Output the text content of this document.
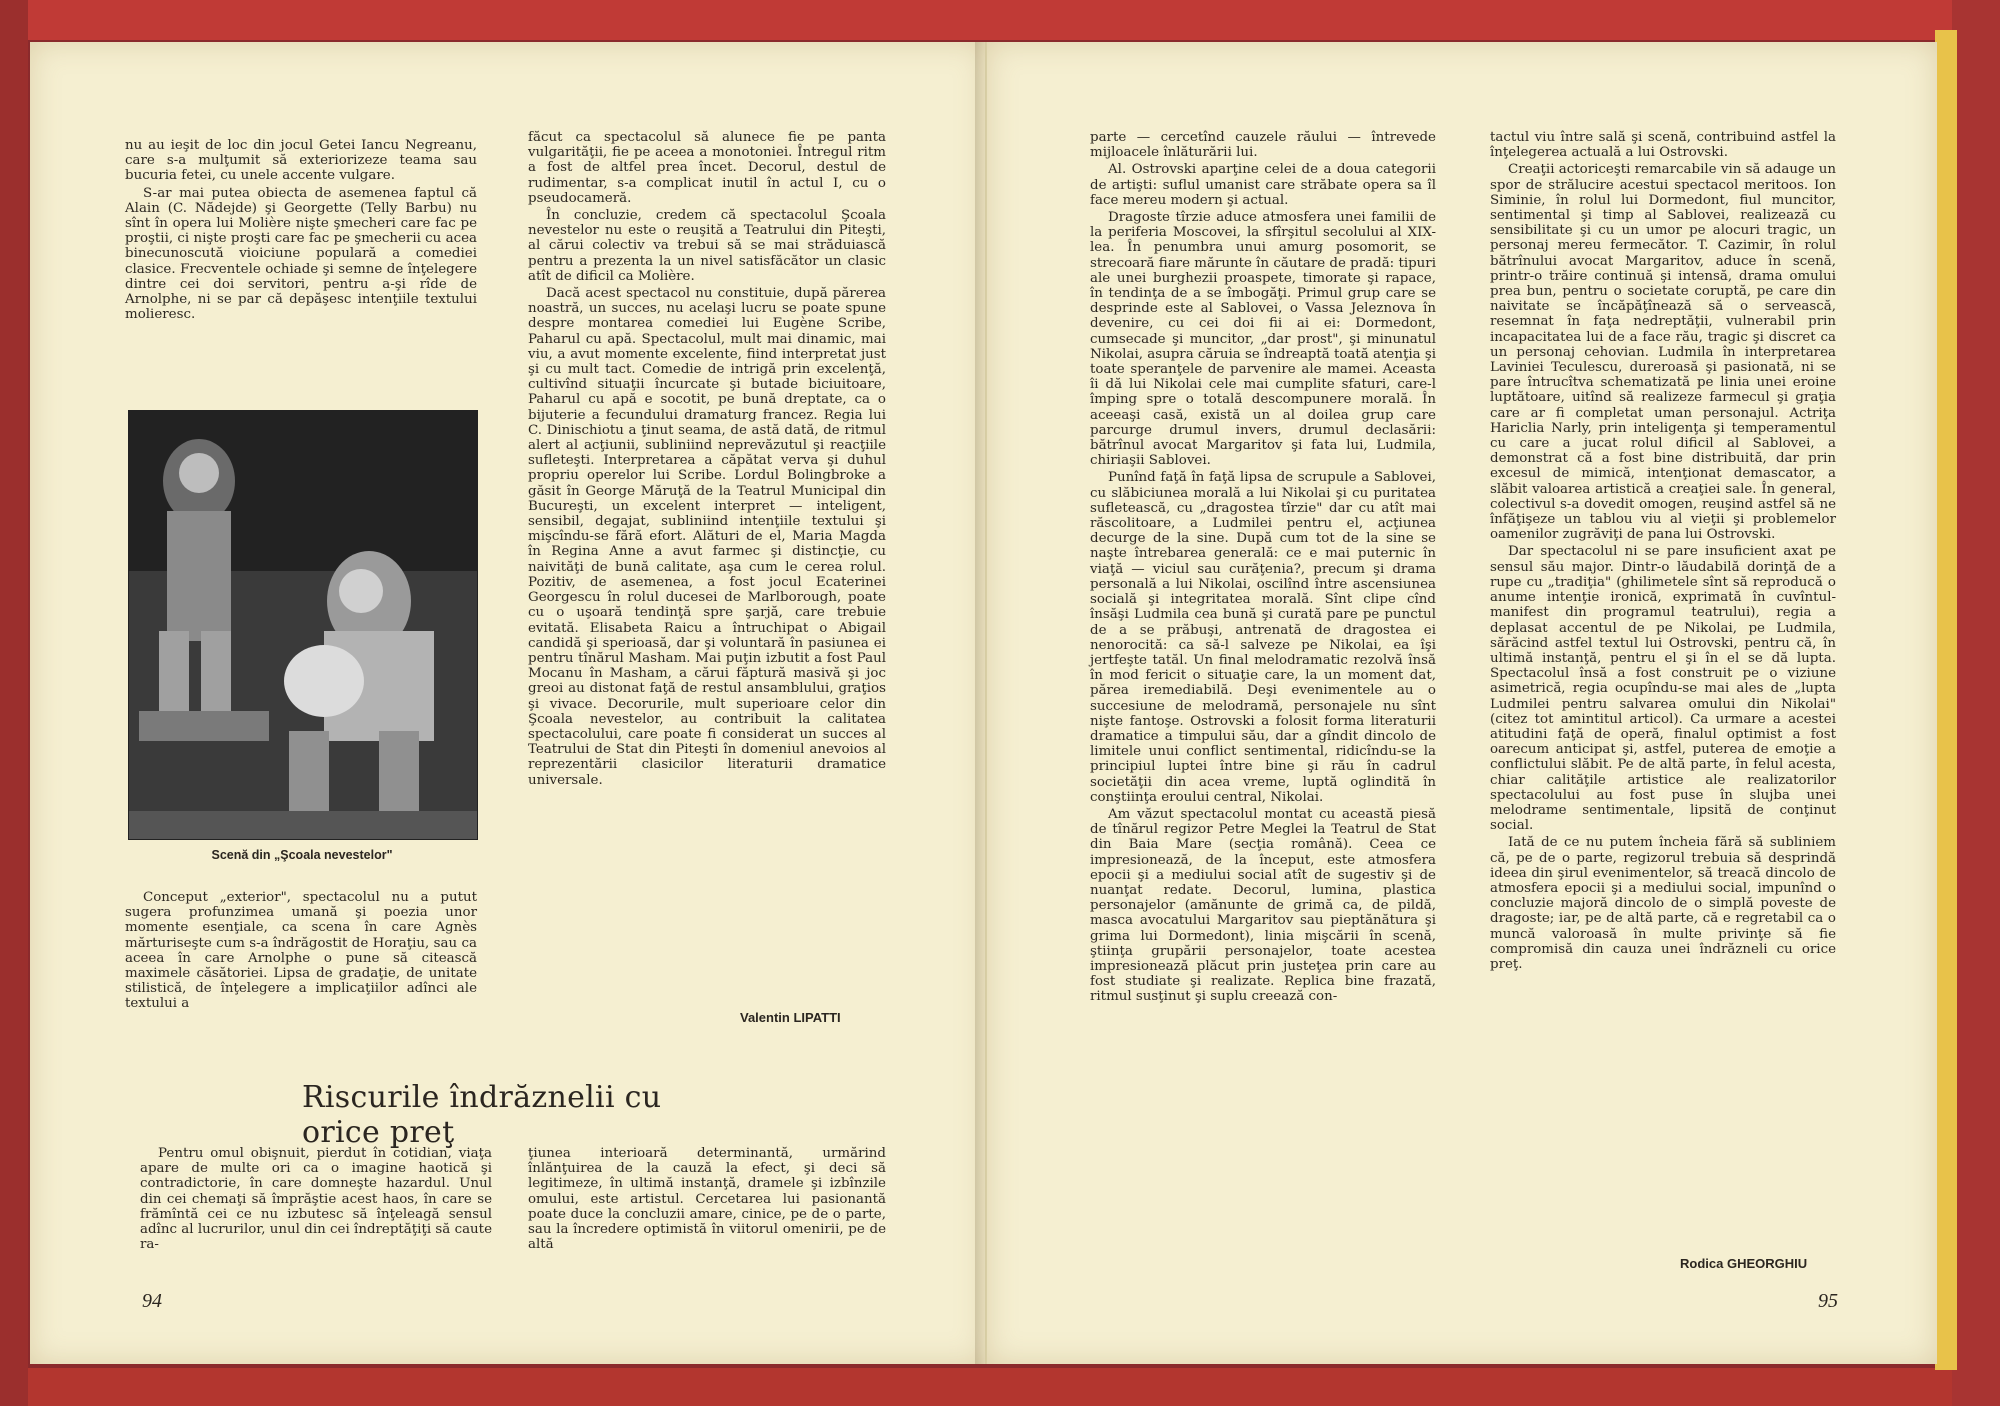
nu au ieşit de loc din jocul Getei Iancu Negreanu, care s-a mulţumit să exteriorizeze teama sau bucuria fetei, cu unele accente vulgare.

S-ar mai putea obiecta de asemenea faptul că Alain (C. Nădejde) şi Georgette (Telly Barbu) nu sînt în opera lui Molière nişte şmecheri care fac pe proştii, ci nişte proşti care fac pe şmecherii cu acea binecunoscută vioiciune populară a comediei clasice. Frecventele ochiade şi semne de înţelegere dintre cei doi servitori, pentru a-şi rîde de Arnolphe, ni se par că depăşesc intenţiile textului molieresc.

Scenă din „Şcoala nevestelor"

Conceput „exterior", spectacolul nu a putut sugera profunzimea umană şi poezia unor momente esenţiale, ca scena în care Agnès mărturiseşte cum s-a îndrăgostit de Horaţiu, sau ca aceea în care Arnolphe o pune să citească maximele căsătoriei. Lipsa de gradaţie, de unitate stilistică, de înţelegere a implicaţiilor adînci ale textului a

făcut ca spectacolul să alunece fie pe panta vulgarităţii, fie pe aceea a monotoniei. Întregul ritm a fost de altfel prea încet. Decorul, destul de rudimentar, s-a complicat inutil în actul I, cu o pseudocameră.

În concluzie, credem că spectacolul Şcoala nevestelor nu este o reuşită a Teatrului din Piteşti, al cărui colectiv va trebui să se mai străduiască pentru a prezenta la un nivel satisfăcător un clasic atît de dificil ca Molière.

Dacă acest spectacol nu constituie, după părerea noastră, un succes, nu acelaşi lucru se poate spune despre montarea comediei lui Eugène Scribe, Paharul cu apă. Spectacolul, mult mai dinamic, mai viu, a avut momente excelente, fiind interpretat just şi cu mult tact. Comedie de intrigă prin excelenţă, cultivînd situaţii încurcate şi butade biciuitoare, Paharul cu apă e socotit, pe bună dreptate, ca o bijuterie a fecundului dramaturg francez. Regia lui C. Dinischiotu a ţinut seama, de astă dată, de ritmul alert al acţiunii, subliniind neprevăzutul şi reacţiile sufleteşti. Interpretarea a căpătat verva şi duhul propriu operelor lui Scribe. Lordul Bolingbroke a găsit în George Măruţă de la Teatrul Municipal din Bucureşti, un excelent interpret — inteligent, sensibil, degajat, subliniind intenţiile textului şi mişcîndu-se fără efort. Alături de el, Maria Magda în Regina Anne a avut farmec şi distincţie, cu naivităţi de bună calitate, aşa cum le cerea rolul. Pozitiv, de asemenea, a fost jocul Ecaterinei Georgescu în rolul ducesei de Marlborough, poate cu o uşoară tendinţă spre şarjă, care trebuie evitată. Elisabeta Raicu a întruchipat o Abigail candidă şi sperioasă, dar şi voluntară în pasiunea ei pentru tînărul Masham. Mai puţin izbutit a fost Paul Mocanu în Masham, a cărui făptură masivă şi joc greoi au distonat faţă de restul ansamblului, graţios şi vivace. Decorurile, mult superioare celor din Şcoala nevestelor, au contribuit la calitatea spectacolului, care poate fi considerat un succes al Teatrului de Stat din Piteşti în domeniul anevoios al reprezentării clasicilor literaturii dramatice universale.

Valentin LIPATTI
Riscurile îndrăznelii cu orice preţ

Pentru omul obişnuit, pierdut în cotidian, viaţa apare de multe ori ca o imagine haotică şi contradictorie, în care domneşte hazardul. Unul din cei chemaţi să împrăştie acest haos, în care se frămîntă cei ce nu izbutesc să înţeleagă sensul adînc al lucrurilor, unul din cei îndreptăţiţi să caute ra-

ţiunea interioară determinantă, urmărind înlănţuirea de la cauză la efect, şi deci să legitimeze, în ultimă instanţă, dramele şi izbînzile omului, este artistul. Cercetarea lui pasionantă poate duce la concluzii amare, cinice, pe de o parte, sau la încredere optimistă în viitorul omenirii, pe de altă

94

parte — cercetînd cauzele răului — întrevede mijloacele înlăturării lui.

Al. Ostrovski aparţine celei de a doua categorii de artişti: suflul umanist care străbate opera sa îl face mereu modern şi actual.

Dragoste tîrzie aduce atmosfera unei familii de la periferia Moscovei, la sfîrşitul secolului al XIX-lea. În penumbra unui amurg posomorit, se strecoară fiare mărunte în căutare de pradă: tipuri ale unei burghezii proaspete, timorate şi rapace, în tendinţa de a se îmbogăţi. Primul grup care se desprinde este al Sablovei, o Vassa Jeleznova în devenire, cu cei doi fii ai ei: Dormedont, cumsecade şi muncitor, „dar prost", şi minunatul Nikolai, asupra căruia se îndreaptă toată atenţia şi toate speranţele de parvenire ale mamei. Aceasta îi dă lui Nikolai cele mai cumplite sfaturi, care-l împing spre o totală descompunere morală. În aceeaşi casă, există un al doilea grup care parcurge drumul invers, drumul declasării: bătrînul avocat Margaritov şi fata lui, Ludmila, chiriaşii Sablovei.

Punînd faţă în faţă lipsa de scrupule a Sablovei, cu slăbiciunea morală a lui Nikolai şi cu puritatea sufletească, cu „dragostea tîrzie" dar cu atît mai răscolitoare, a Ludmilei pentru el, acţiunea decurge de la sine. După cum tot de la sine se naşte întrebarea generală: ce e mai puternic în viaţă — viciul sau curăţenia?, precum şi drama personală a lui Nikolai, oscilînd între ascensiunea socială şi integritatea morală. Sînt clipe cînd însăşi Ludmila cea bună şi curată pare pe punctul de a se prăbuşi, antrenată de dragostea ei nenorocită: ca să-l salveze pe Nikolai, ea îşi jertfeşte tatăl. Un final melodramatic rezolvă însă în mod fericit o situaţie care, la un moment dat, părea iremediabilă. Deşi evenimentele au o succesiune de melodramă, personajele nu sînt nişte fantoşe. Ostrovski a folosit forma literaturii dramatice a timpului său, dar a gîndit dincolo de limitele unui conflict sentimental, ridicîndu-se la principiul luptei între bine şi rău în cadrul societăţii din acea vreme, luptă oglindită în conştiinţa eroului central, Nikolai.

Am văzut spectacolul montat cu această piesă de tînărul regizor Petre Meglei la Teatrul de Stat din Baia Mare (secţia română). Ceea ce impresionează, de la început, este atmosfera epocii şi a mediului social atît de sugestiv şi de nuanţat redate. Decorul, lumina, plastica personajelor (amănunte de grimă ca, de pildă, masca avocatului Margaritov sau pieptănătura şi grima lui Dormedont), linia mişcării în scenă, ştiinţa grupării personajelor, toate acestea impresionează plăcut prin justeţea prin care au fost studiate şi realizate. Replica bine frazată, ritmul susţinut şi suplu creează con-

tactul viu între sală şi scenă, contribuind astfel la înţelegerea actuală a lui Ostrovski.

Creaţii actoriceşti remarcabile vin să adauge un spor de strălucire acestui spectacol meritoos. Ion Siminie, în rolul lui Dormedont, fiul muncitor, sentimental şi timp al Sablovei, realizează cu sensibilitate şi cu un umor pe alocuri tragic, un personaj mereu fermecător. T. Cazimir, în rolul bătrînului avocat Margaritov, aduce în scenă, printr-o trăire continuă şi intensă, drama omului prea bun, pentru o societate coruptă, pe care din naivitate se încăpăţînează să o servească, resemnat în faţa nedreptăţii, vulnerabil prin incapacitatea lui de a face rău, tragic şi discret ca un personaj cehovian. Ludmila în interpretarea Laviniei Teculescu, dureroasă şi pasionată, ni se pare întrucîtva schematizată pe linia unei eroine luptătoare, uitînd să realizeze farmecul şi graţia care ar fi completat uman personajul. Actriţa Hariclia Narly, prin inteligenţa şi temperamentul cu care a jucat rolul dificil al Sablovei, a demonstrat că a fost bine distribuită, dar prin excesul de mimică, intenţionat demascator, a slăbit valoarea artistică a creaţiei sale. În general, colectivul s-a dovedit omogen, reuşind astfel să ne înfăţişeze un tablou viu al vieţii şi problemelor oamenilor zugrăviţi de pana lui Ostrovski.

Dar spectacolul ni se pare insuficient axat pe sensul său major. Dintr-o lăudabilă dorinţă de a rupe cu „tradiţia" (ghilimetele sînt să reproducă o anume intenţie ironică, exprimată în cuvîntul-manifest din programul teatrului), regia a deplasat accentul de pe Nikolai, pe Ludmila, sărăcind astfel textul lui Ostrovski, pentru că, în ultimă instanţă, pentru el şi în el se dă lupta. Spectacolul însă a fost construit pe o viziune asimetrică, regia ocupîndu-se mai ales de „lupta Ludmilei pentru salvarea omului din Nikolai" (citez tot amintitul articol). Ca urmare a acestei atitudini faţă de operă, finalul optimist a fost oarecum anticipat şi, astfel, puterea de emoţie a conflictului slăbit. Pe de altă parte, în felul acesta, chiar calităţile artistice ale realizatorilor spectacolului au fost puse în slujba unei melodrame sentimentale, lipsită de conţinut social.

Iată de ce nu putem încheia fără să subliniem că, pe de o parte, regizorul trebuia să desprindă ideea din şirul evenimentelor, să treacă dincolo de atmosfera epocii şi a mediului social, impunînd o concluzie majoră dincolo de o simplă poveste de dragoste; iar, pe de altă parte, că e regretabil ca o muncă valoroasă în multe privinţe să fie compromisă din cauza unei îndrăzneli cu orice preţ.

Rodica GHEORGHIU
95
